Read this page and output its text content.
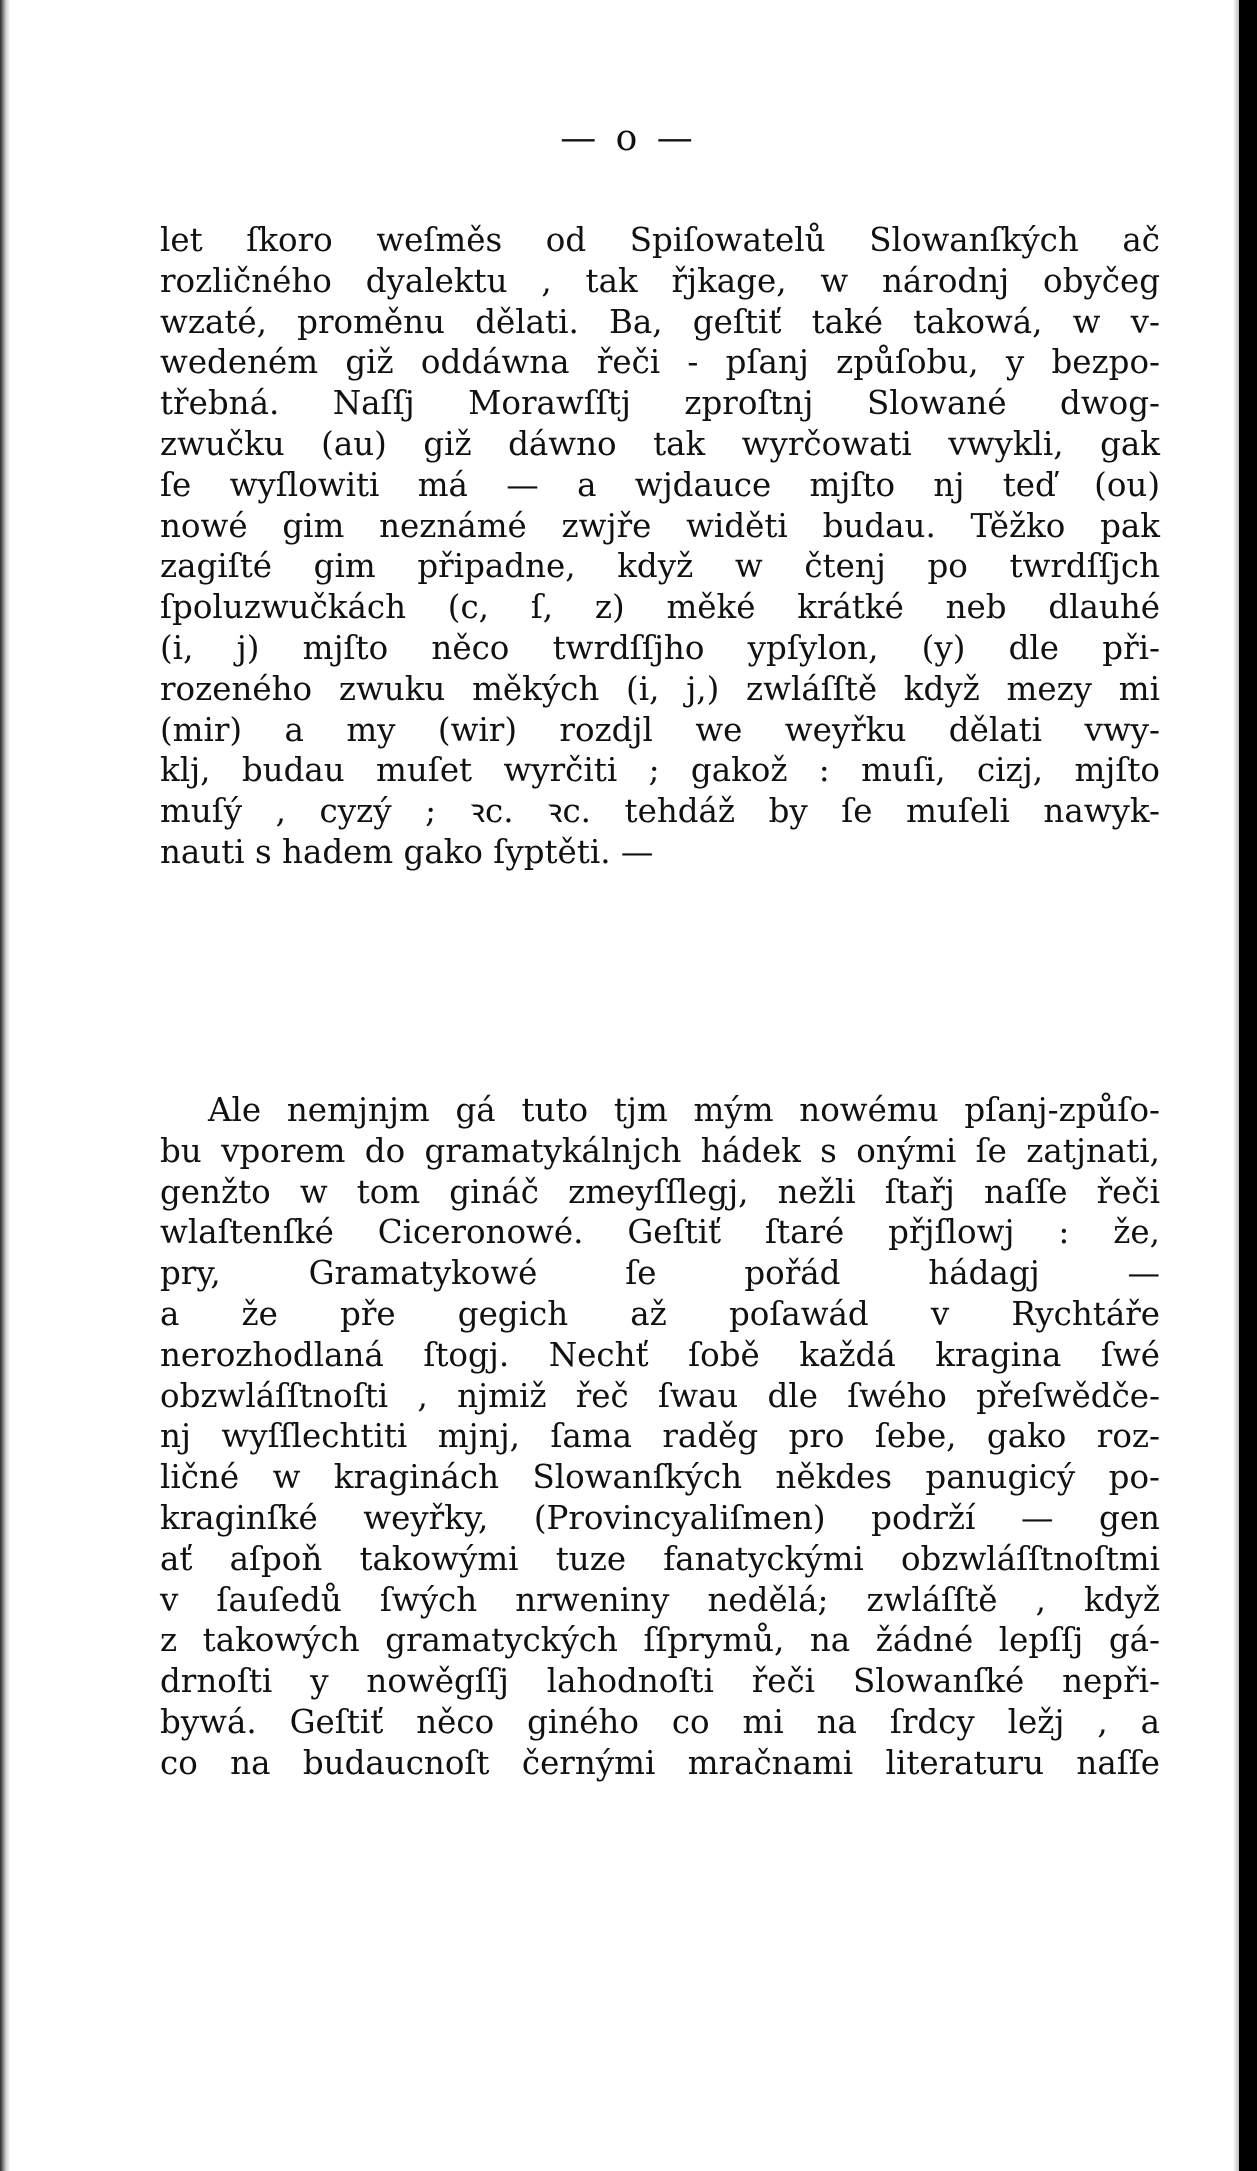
— o —
let ſkoro weſměs od Spiſowatelů Slowanſkých ač
rozličného dyalektu , tak řjkage, w národnj obyčeg
wzaté, proměnu dělati. Ba, geſtiť také takowá, w v-
wedeném giž oddáwna řeči - pſanj způſobu, y bezpo-
třebná. Naſſj Morawſſtj zproſtnj Slowané dwog-
zwučku (au) giž dáwno tak wyrčowati vwykli, gak
ſe wyſlowiti má — a wjdauce mjſto nj teď (ou)
nowé gim neznámé zwjře widěti budau. Těžko pak
zagiſté gim připadne, když w čtenj po twrdſſjch
ſpoluzwučkách (c, ſ, z) měké krátké neb dlauhé
(i, j) mjſto něco twrdſſjho ypſylon, (y) dle při-
rozeného zwuku měkých (i, j,) zwláſſtě když mezy mi
(mir) a my (wir) rozdjl we weyřku dělati vwy-
klj, budau muſet wyrčiti ; gakož : muſi, cizj, mjſto
muſý , cyzý ; ꝛc. ꝛc. tehdáž by ſe muſeli nawyk-
nauti s hadem gako ſyptěti. —
Ale nemjnjm gá tuto tjm mým nowému pſanj-způſo-
bu vporem do gramatykálnjch hádek s onými ſe zatjnati,
genžto w tom gináč zmeyſſlegj, nežli ſtařj naſſe řeči
wlaſtenſké Ciceronowé. Geſtiť ſtaré přjſlowj : že,
pry, Gramatykowé ſe pořád hádagj —
a že pře gegich až poſawád v Rychtáře
nerozhodlaná ſtogj. Nechť ſobě každá kragina ſwé
obzwláſſtnoſti , njmiž řeč ſwau dle ſwého přeſwědče-
nj wyſſlechtiti mjnj, ſama raděg pro ſebe, gako roz-
ličné w kraginách Slowanſkých někdes panugicý po-
kraginſké weyřky, (Provincyaliſmen) podrží — gen
ať aſpoň takowými tuze fanatyckými obzwláſſtnoſtmi
v ſauſedů ſwých nrweniny nedělá; zwláſſtě , když
z takowých gramatyckých ſſprymů, na žádné lepſſj gá-
drnoſti y nowěgſſj lahodnoſti řeči Slowanſké nepři-
bywá. Geſtiť něco giného co mi na ſrdcy ležj , a
co na budaucnoſt černými mračnami literaturu naſſe
